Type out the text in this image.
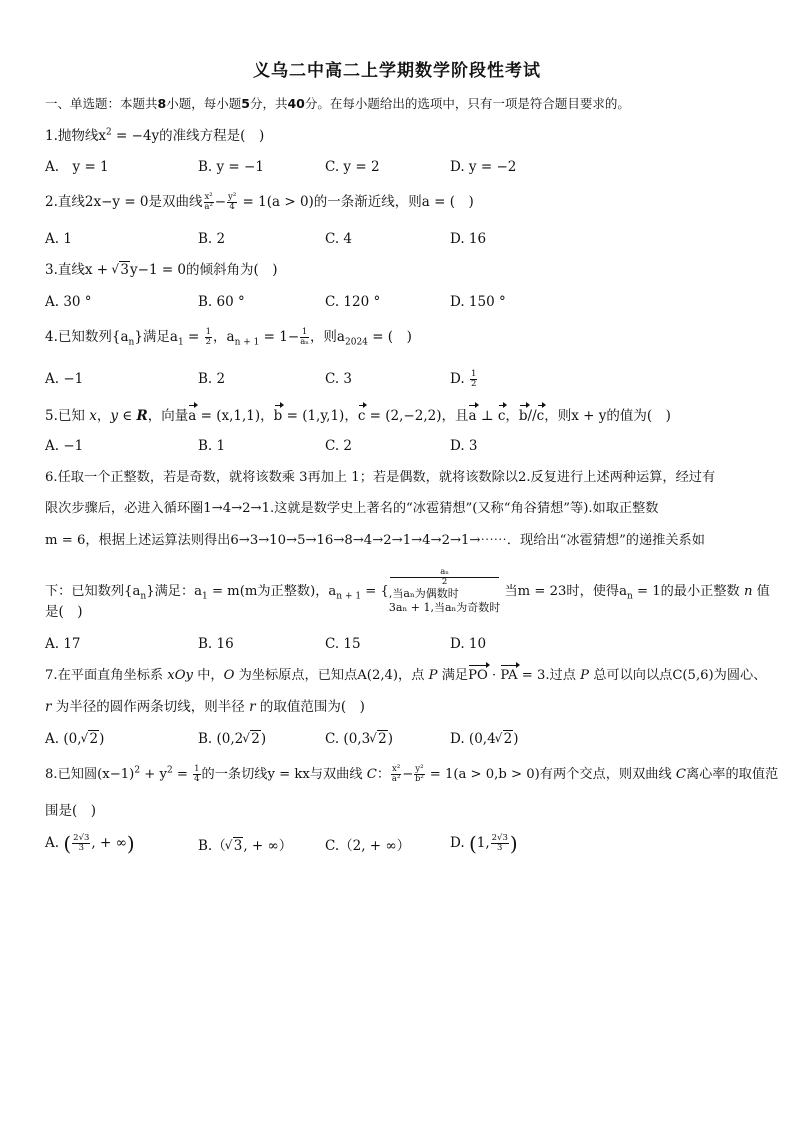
义乌二中高二上学期数学阶段性考试
一、单选题：本题共8小题，每小题5分，共40分。在每小题给出的选项中，只有一项是符合题目要求的。
1.抛物线$x^2 = -4y$的准线方程是(　)
A.　y = 1	B. y = −1	C. y = 2	D. y = −2
2.直线2x−y = 0是双曲线 $\frac{\text{x²}}{\text{a²}} - \frac{\text{y²}}{4} = 1(a > 0)$的一条渐近线，则a = (　)
A. 1	B. 2	C. 4	D. 16
3.直线x + √ 3y−1 = 0的倾斜角为(　)
A. 30 °	B. 60 °	C. 120 °	D. 150 °
4.已知数列$\{a_n\}$满足$a_1 = \frac{1}{2}$ ，$a_{n + 1} = 1- \frac{1}{\text{aₙ}}$ ，则$a_{2024}$ = (　)
A. −1	B. 2	C. 3	D. $\frac{1}{2}$
5.已知 x，y ∈ R，向量a = (x,1,1)，b = (1,y,1)，c = (2,−2,2)，且a ⊥ c，b//c，则x + y的值为(　)
A. −1	B. 1	C. 2	D. 3
6.任取一个正整数，若是奇数，就将该数乘 3再加上 1；若是偶数，就将该数除以2.反复进行上述两种运算，经过有
限次步骤后，必进入循环圈1→4→2→1.这就是数学史上著名的“冰雹猜想”(又称“角谷猜想”等).如取正整数
m = 6，根据上述运算法则得出6→3→10→5→16→8→4→2→1→4→2→1→⋯⋯．现给出“冰雹猜想”的递推关系如
下：已知数列$\{a_n\}$满足：$a_1 = m(m$为正整数)，$a_{n + 1}$ = {
aₙ
2
,当aₙ为偶数时
3aₙ + 1,当aₙ为奇数时
当m = 23时，使得$a_n = 1$的最小正整数 n 值
是(　)
A. 17	B. 16	C. 15	D. 10
7.在平面直角坐标系 xOy 中，O 为坐标原点，已知点A(2,4)，点 P 满足PO · PA = 3.过点 P 总可以向以点C(5,6)为圆心、
r 为半径的圆作两条切线，则半径 r 的取值范围为(　)
A. (0, √ 2)	B. (0,2 √ 2)	C. (0,3 √ 2)	D. (0,4 √ 2)
8.已知圆$(x-1)^2 + y^2 = \frac{1}{4}$ 的一条切线y = kx与双曲线 C： $\frac{\text{x²}}{\text{a²}} - \frac{\text{y²}}{\text{b²}} = 1(a > 0,b > 0)$有两个交点，则双曲线 C离心率的取值范
围是(　)
A. ( $\frac{2√3}{3}$ , + ∞)	B.（ √ 3, + ∞） C.（2, + ∞）	D. (1, $\frac{2√3}{3}$ )
